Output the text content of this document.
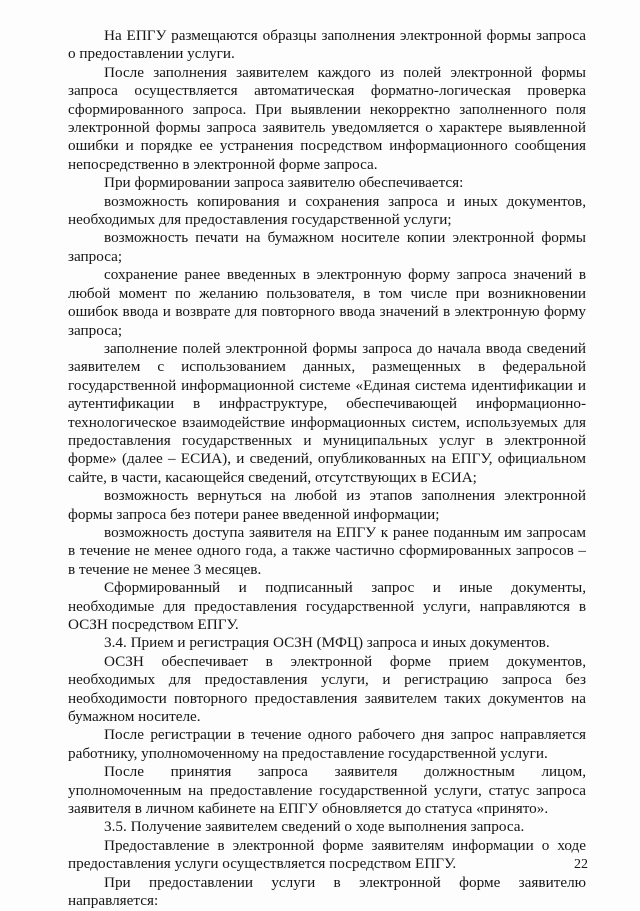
На ЕПГУ размещаются образцы заполнения электронной формы запроса о предоставлении услуги.

После заполнения заявителем каждого из полей электронной формы запроса осуществляется автоматическая форматно-логическая проверка сформированного запроса. При выявлении некорректно заполненного поля электронной формы запроса заявитель уведомляется о характере выявленной ошибки и порядке ее устранения посредством информационного сообщения непосредственно в электронной форме запроса.

При формировании запроса заявителю обеспечивается:

возможность копирования и сохранения запроса и иных документов, необходимых для предоставления государственной услуги;

возможность печати на бумажном носителе копии электронной формы запроса;

сохранение ранее введенных в электронную форму запроса значений в любой момент по желанию пользователя, в том числе при возникновении ошибок ввода и возврате для повторного ввода значений в электронную форму запроса;

заполнение полей электронной формы запроса до начала ввода сведений заявителем с использованием данных, размещенных в федеральной государственной информационной системе «Единая система идентификации и аутентификации в инфраструктуре, обеспечивающей информационно-технологическое взаимодействие информационных систем, используемых для предоставления государственных и муниципальных услуг в электронной форме» (далее – ЕСИА), и сведений, опубликованных на ЕПГУ, официальном сайте, в части, касающейся сведений, отсутствующих в ЕСИА;

возможность вернуться на любой из этапов заполнения электронной формы запроса без потери ранее введенной информации;

возможность доступа заявителя на ЕПГУ к ранее поданным им запросам в течение не менее одного года, а также частично сформированных запросов – в течение не менее 3 месяцев.

Сформированный и подписанный запрос и иные документы, необходимые для предоставления государственной услуги, направляются в ОСЗН посредством ЕПГУ.

3.4. Прием и регистрация ОСЗН (МФЦ) запроса и иных документов.

ОСЗН обеспечивает в электронной форме прием документов, необходимых для предоставления услуги, и регистрацию запроса без необходимости повторного предоставления заявителем таких документов на бумажном носителе.

После регистрации в течение одного рабочего дня запрос направляется работнику, уполномоченному на предоставление государственной услуги.

После принятия запроса заявителя должностным лицом, уполномоченным на предоставление государственной услуги, статус запроса заявителя в личном кабинете на ЕПГУ обновляется до статуса «принято».

3.5. Получение заявителем сведений о ходе выполнения запроса.

Предоставление в электронной форме заявителям информации о ходе предоставления услуги осуществляется посредством ЕПГУ.

При предоставлении услуги в электронной форме заявителю направляется:

22
